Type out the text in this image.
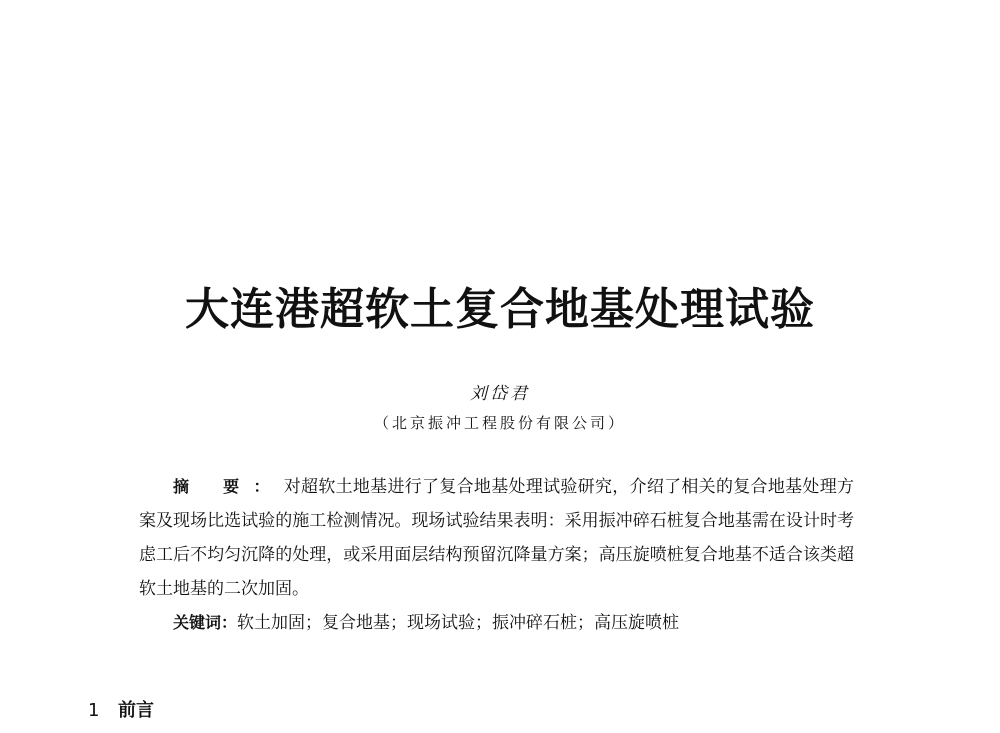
大连港超软土复合地基处理试验
刘岱君
（北京振冲工程股份有限公司）

摘 要：对超软土地基进行了复合地基处理试验研究，介绍了相关的复合地基处理方案及现场比选试验的施工检测情况。现场试验结果表明：采用振冲碎石桩复合地基需在设计时考虑工后不均匀沉降的处理，或采用面层结构预留沉降量方案；高压旋喷桩复合地基不适合该类超软土地基的二次加固。

关键词：软土加固；复合地基；现场试验；振冲碎石桩；高压旋喷桩

1 前言
